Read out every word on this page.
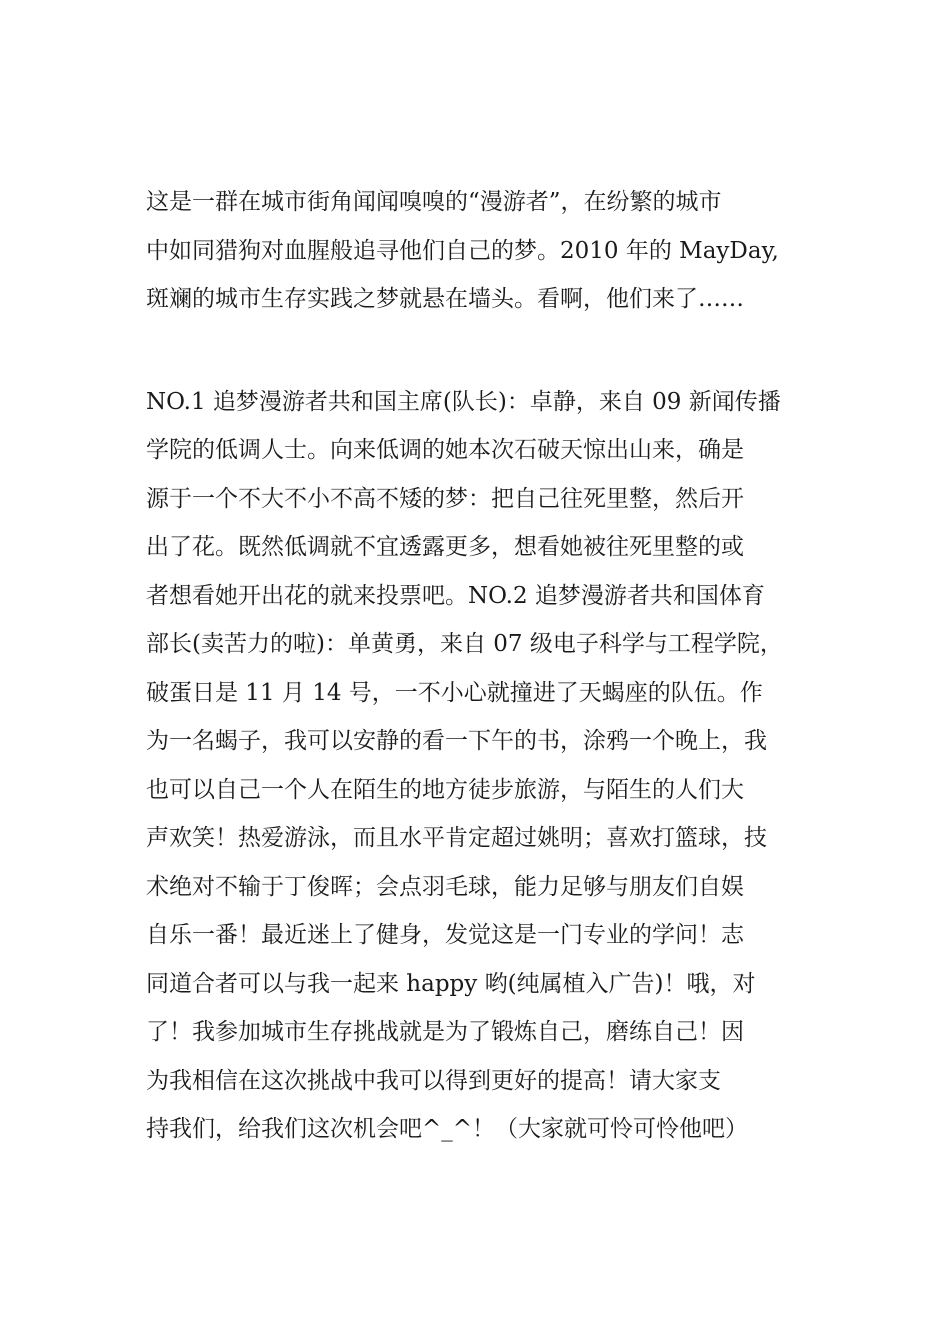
这是一群在城市街角闻闻嗅嗅的“漫游者”，在纷繁的城市
中如同猎狗对血腥般追寻他们自己的梦。2010 年的 MayDay,
斑斓的城市生存实践之梦就悬在墙头。看啊，他们来了……
NO.1 追梦漫游者共和国主席(队长)：卓静，来自 09 新闻传播
学院的低调人士。向来低调的她本次石破天惊出山来，确是
源于一个不大不小不高不矮的梦：把自己往死里整，然后开
出了花。既然低调就不宜透露更多，想看她被往死里整的或
者想看她开出花的就来投票吧。NO.2 追梦漫游者共和国体育
部长(卖苦力的啦)：单黄勇，来自 07 级电子科学与工程学院，
破蛋日是 11 月 14 号，一不小心就撞进了天蝎座的队伍。作
为一名蝎子，我可以安静的看一下午的书，涂鸦一个晚上，我
也可以自己一个人在陌生的地方徒步旅游，与陌生的人们大
声欢笑！热爱游泳，而且水平肯定超过姚明；喜欢打篮球，技
术绝对不输于丁俊晖；会点羽毛球，能力足够与朋友们自娱
自乐一番！最近迷上了健身，发觉这是一门专业的学问！志
同道合者可以与我一起来 happy 哟(纯属植入广告)！哦，对
了！我参加城市生存挑战就是为了锻炼自己，磨练自己！因
为我相信在这次挑战中我可以得到更好的提高！请大家支
持我们，给我们这次机会吧^_^！（大家就可怜可怜他吧）
